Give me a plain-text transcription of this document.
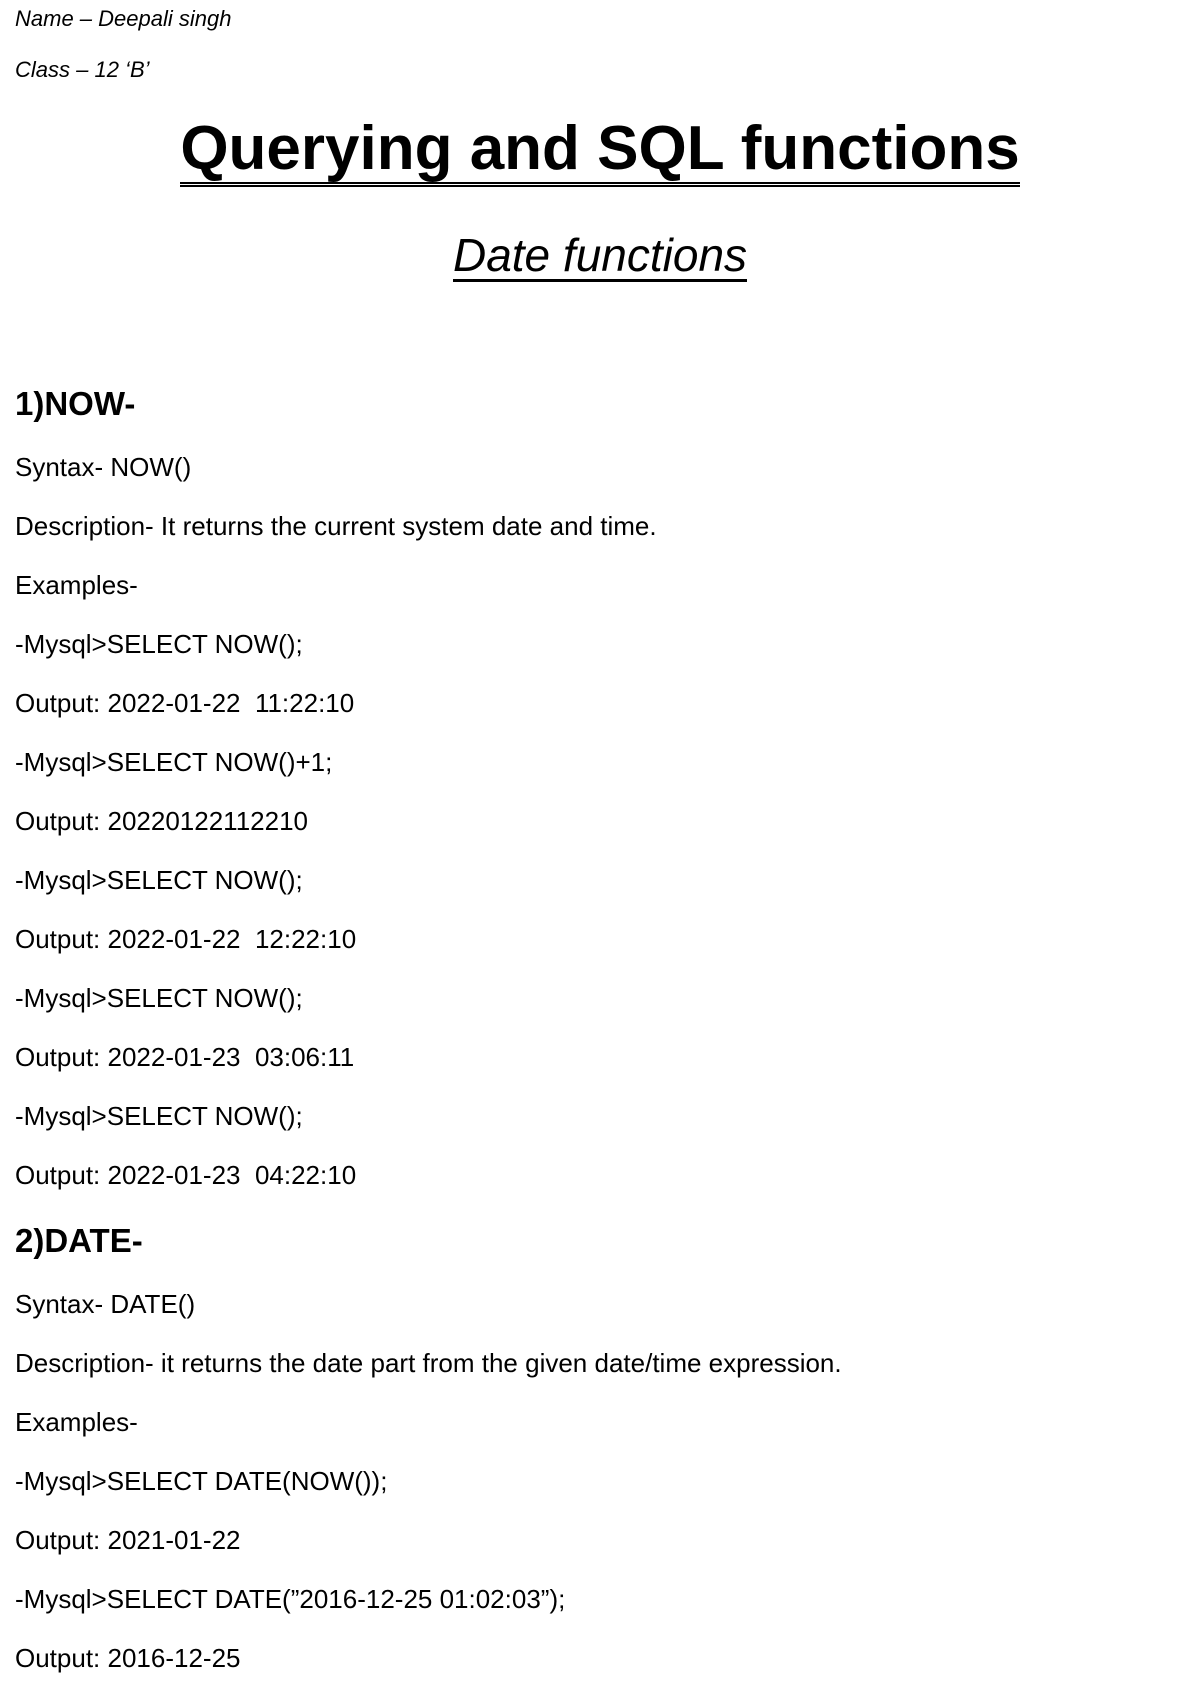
Name – Deepali singh
Class – 12 ‘B’
Querying and SQL functions
Date functions
1)NOW-
Syntax- NOW()
Description- It returns the current system date and time.
Examples-
-Mysql>SELECT NOW();
Output: 2022-01-22  11:22:10
-Mysql>SELECT NOW()+1;
Output: 20220122112210
-Mysql>SELECT NOW();
Output: 2022-01-22  12:22:10
-Mysql>SELECT NOW();
Output: 2022-01-23  03:06:11
-Mysql>SELECT NOW();
Output: 2022-01-23  04:22:10
2)DATE-
Syntax- DATE()
Description- it returns the date part from the given date/time expression.
Examples-
-Mysql>SELECT DATE(NOW());
Output: 2021-01-22
-Mysql>SELECT DATE(”2016-12-25 01:02:03”);
Output: 2016-12-25
